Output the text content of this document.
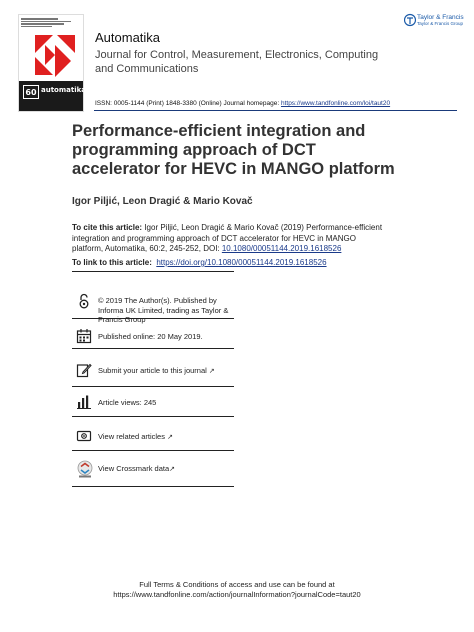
60 automatika
Automatika
Journal for Control, Measurement, Electronics, Computing and Communications
Taylor & Francis
Taylor & Francis Group
ISSN: 0005-1144 (Print) 1848-3380 (Online) Journal homepage: https://www.tandfonline.com/loi/taut20
Performance-efficient integration and programming approach of DCT accelerator for HEVC in MANGO platform
Igor Piljić, Leon Dragić & Mario Kovač
To cite this article: Igor Piljić, Leon Dragić & Mario Kovač (2019) Performance-efficient integration and programming approach of DCT accelerator for HEVC in MANGO platform, Automatika, 60:2, 245-252, DOI: 10.1080/00051144.2019.1618526
To link to this article: https://doi.org/10.1080/00051144.2019.1618526
© 2019 The Author(s). Published by Informa UK Limited, trading as Taylor & Francis Group
Published online: 20 May 2019.
Submit your article to this journal ↗
Article views: 245
View related articles ↗
View Crossmark data↗
Full Terms & Conditions of access and use can be found at
https://www.tandfonline.com/action/journalInformation?journalCode=taut20
